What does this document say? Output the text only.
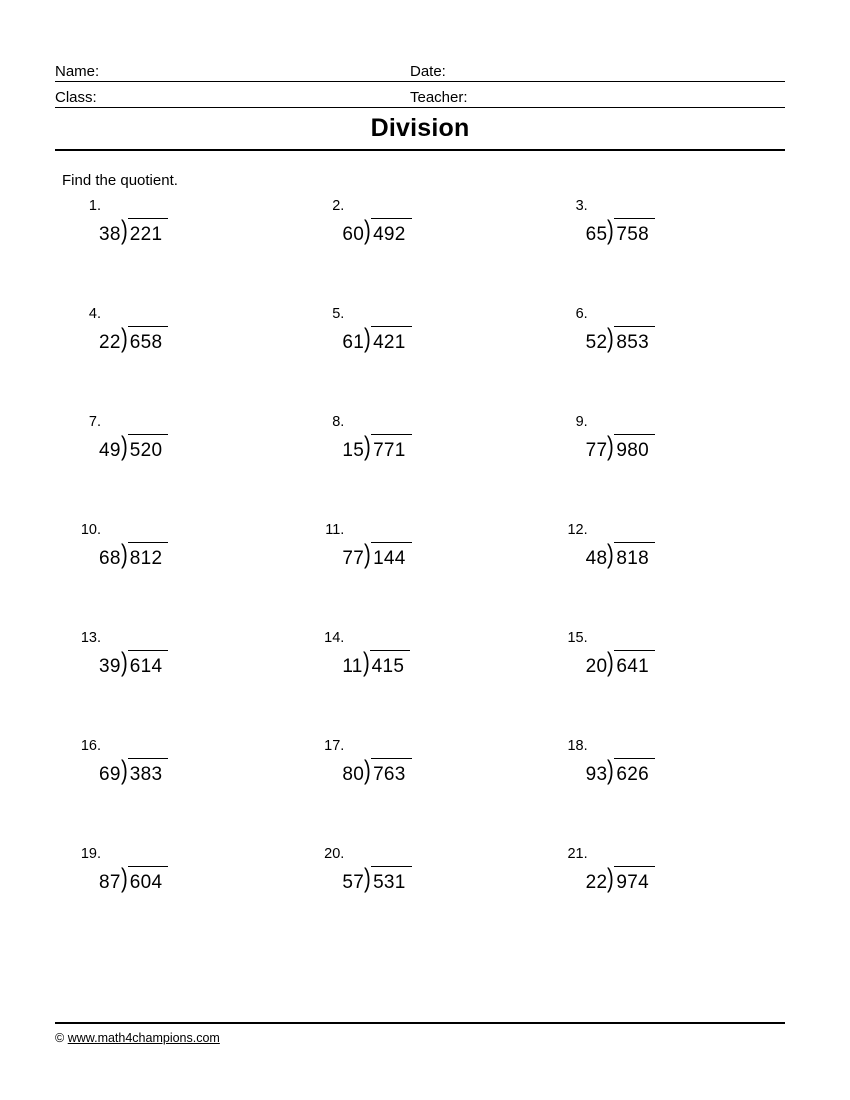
Name:	Date:
Class:	Teacher:
Division
Find the quotient.
1.
38 ) 221
2.
60 ) 492
3.
65 ) 758
4.
22 ) 658
5.
61 ) 421
6.
52 ) 853
7.
49 ) 520
8.
15 ) 771
9.
77 ) 980
10.
68 ) 812
11.
77 ) 144
12.
48 ) 818
13.
39 ) 614
14.
11 ) 415
15.
20 ) 641
16.
69 ) 383
17.
80 ) 763
18.
93 ) 626
19.
87 ) 604
20.
57 ) 531
21.
22 ) 974
© www.math4champions.com
